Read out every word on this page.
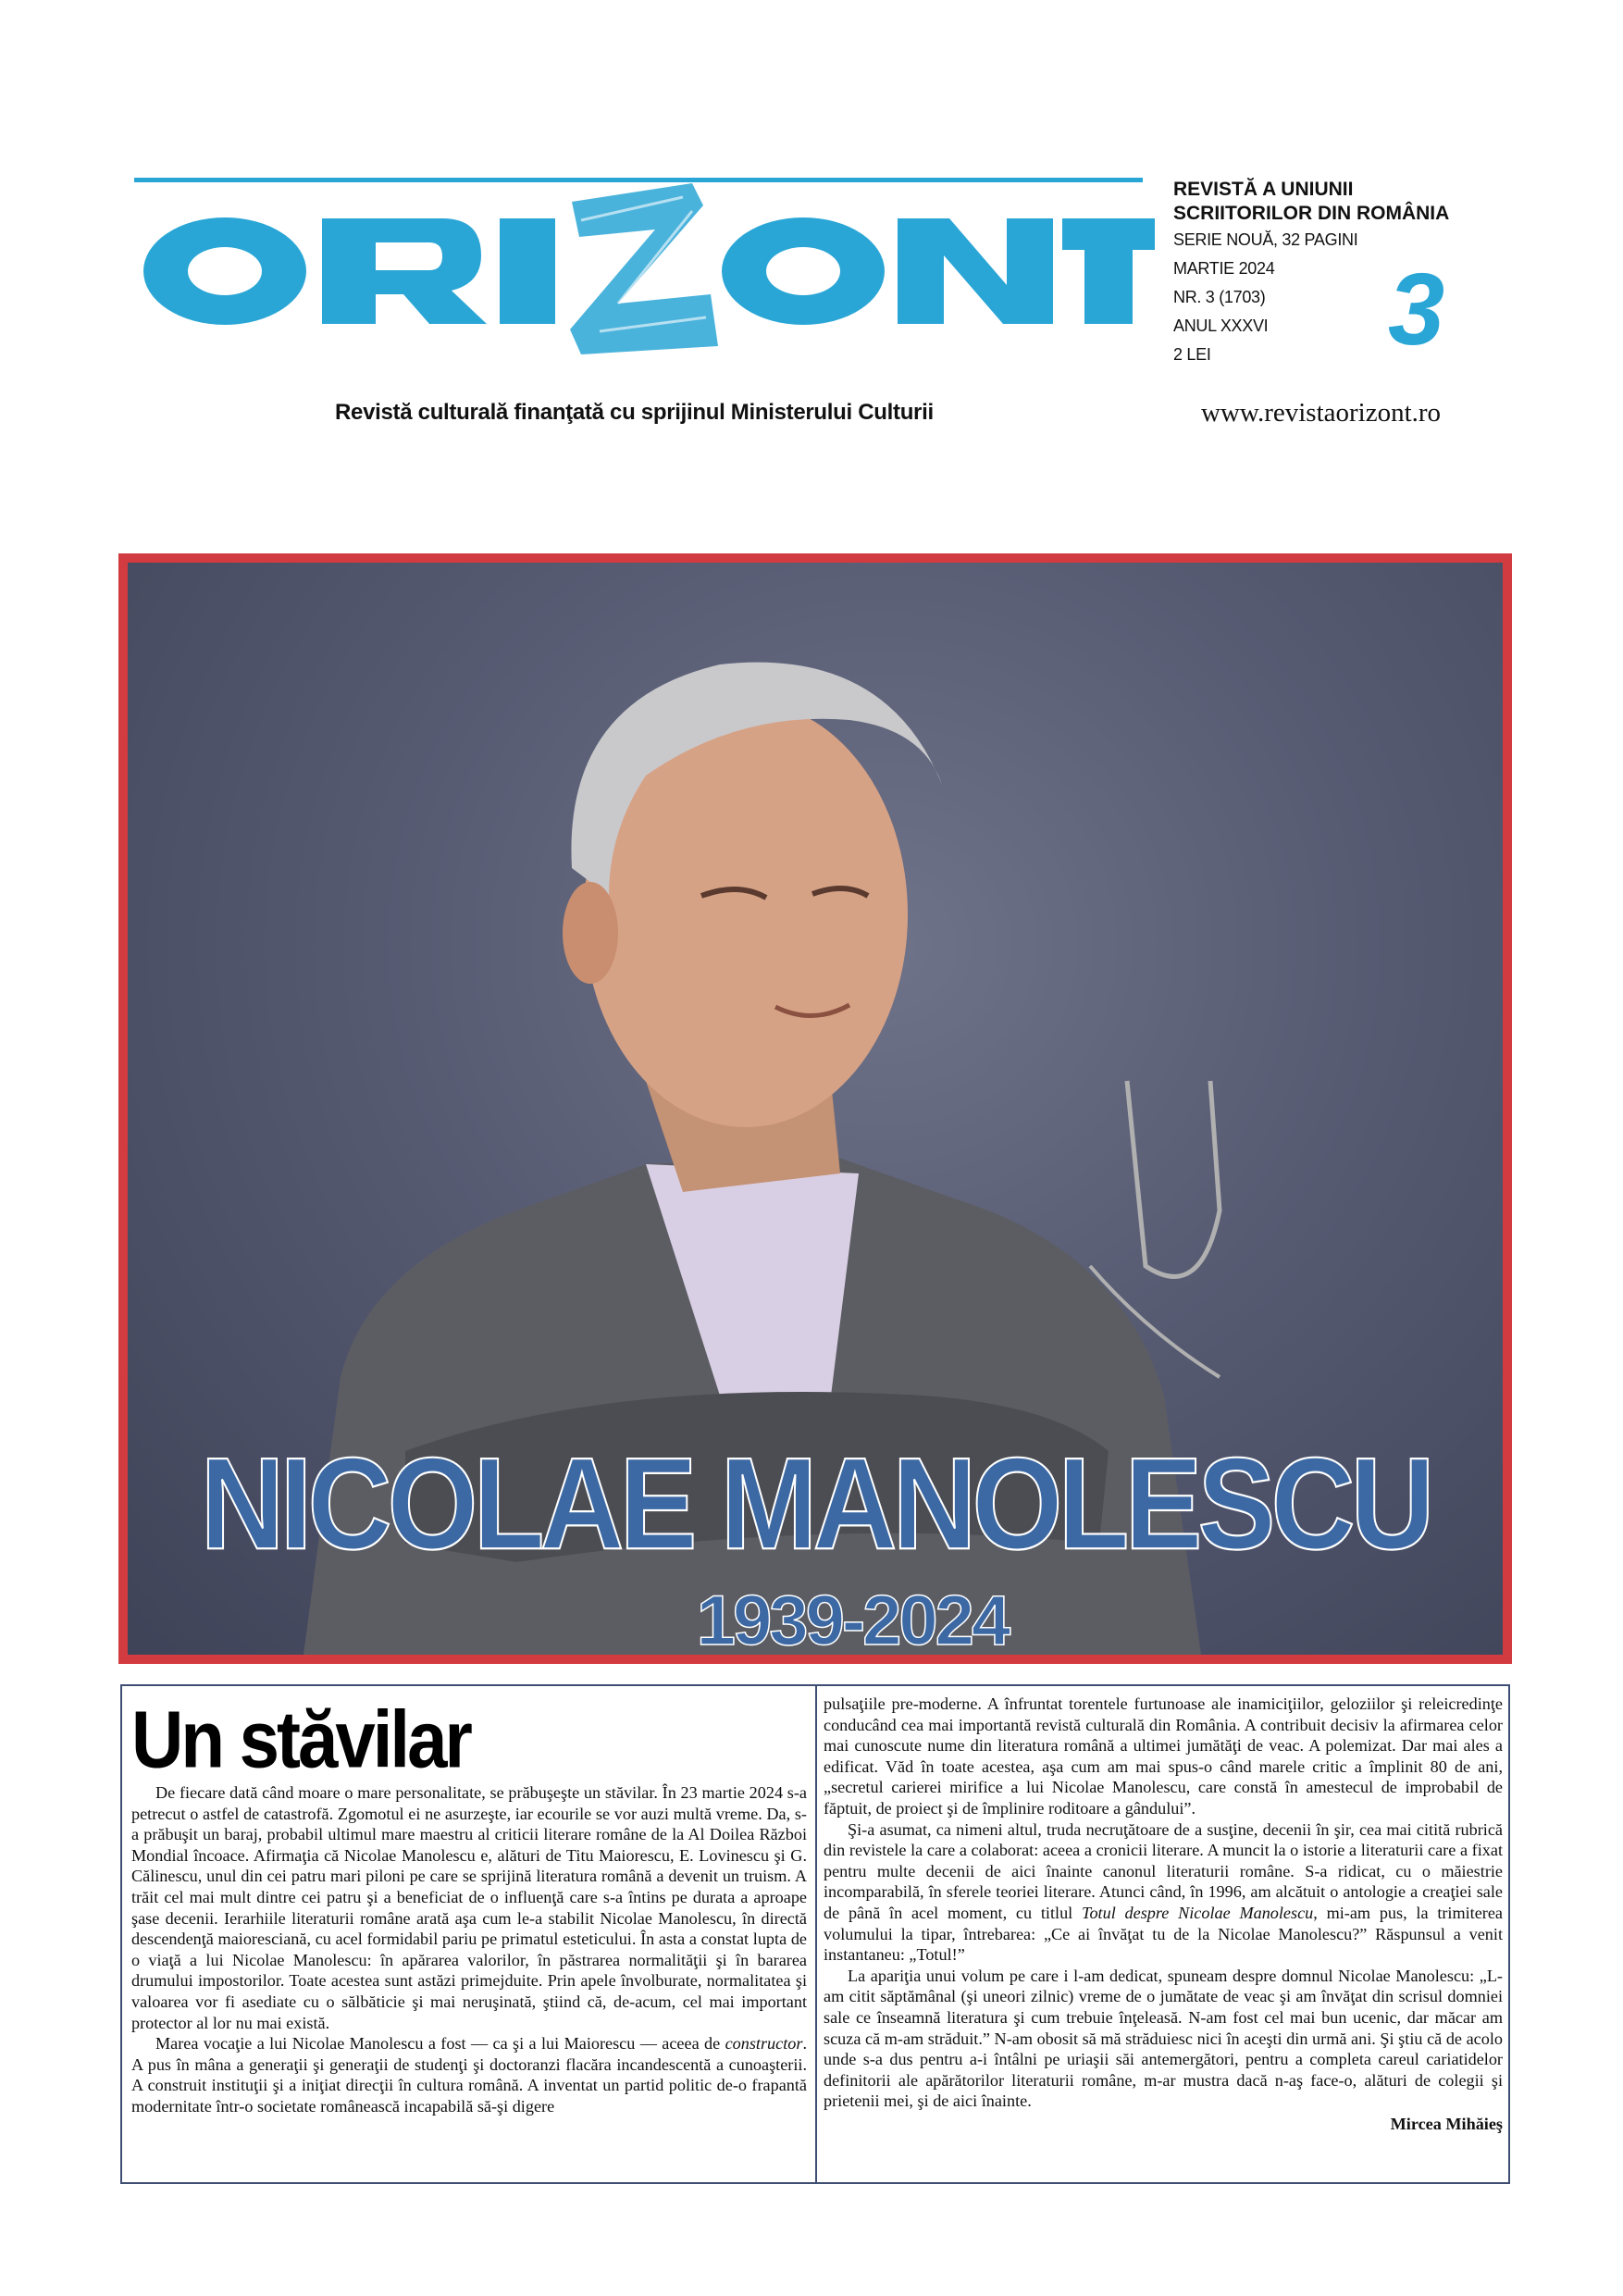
Revistă culturală finanţată cu sprijinul Ministerului Culturii
REVISTĂ A UNIUNII SCRIITORILOR DIN ROMÂNIA
SERIE NOUĂ, 32 PAGINI
MARTIE 2024
NR. 3 (1703)
ANUL XXXVI
2 LEI	3
www.revistaorizont.ro
NICOLAE MANOLESCU
1939-2024
Un stăvilar

De fiecare dată când moare o mare personalitate, se prăbuşeşte un stăvilar. În 23 martie 2024 s-a petrecut o astfel de catastrofă. Zgomotul ei ne asurzeşte, iar ecourile se vor auzi multă vreme. Da, s-a prăbuşit un baraj, probabil ultimul mare maestru al criticii literare române de la Al Doilea Război Mondial încoace. Afirmaţia că Nicolae Manolescu e, alături de Titu Maiorescu, E. Lovinescu şi G. Călinescu, unul din cei patru mari piloni pe care se sprijină literatura română a devenit un truism. A trăit cel mai mult dintre cei patru şi a beneficiat de o influenţă care s-a întins pe durata a aproape şase decenii. Ierarhiile literaturii române arată aşa cum le-a stabilit Nicolae Manolescu, în directă descendenţă maioresciană, cu acel formidabil pariu pe primatul esteticului. În asta a constat lupta de o viaţă a lui Nicolae Manolescu: în apărarea valorilor, în păstrarea normalităţii şi în bararea drumului impostorilor. Toate acestea sunt astăzi primejduite. Prin apele învolburate, normalitatea şi valoarea vor fi asediate cu o sălbăticie şi mai neruşinată, ştiind că, de-acum, cel mai important protector al lor nu mai există.

Marea vocaţie a lui Nicolae Manolescu a fost — ca şi a lui Maiorescu — aceea de constructor. A pus în mâna a generaţii şi generaţii de studenţi şi doctoranzi flacăra incandescentă a cunoaşterii. A construit instituţii şi a iniţiat direcţii în cultura română. A inventat un partid politic de-o frapantă modernitate într-o societate românească incapabilă să-şi digere

pulsaţiile pre-moderne. A înfruntat torentele furtunoase ale inamiciţiilor, geloziilor şi releicredinţe conducând cea mai importantă revistă culturală din România. A contribuit decisiv la afirmarea celor mai cunoscute nume din literatura română a ultimei jumătăţi de veac. A polemizat. Dar mai ales a edificat. Văd în toate acestea, aşa cum am mai spus-o când marele critic a împlinit 80 de ani, „secretul carierei mirifice a lui Nicolae Manolescu, care constă în amestecul de improbabil de făptuit, de proiect şi de împlinire roditoare a gândului”.

Şi-a asumat, ca nimeni altul, truda necruţătoare de a susţine, decenii în şir, cea mai citită rubrică din revistele la care a colaborat: aceea a cronicii literare. A muncit la o istorie a literaturii care a fixat pentru multe decenii de aici înainte canonul literaturii române. S-a ridicat, cu o măiestrie incomparabilă, în sferele teoriei literare. Atunci când, în 1996, am alcătuit o antologie a creaţiei sale de până în acel moment, cu titlul Totul despre Nicolae Manolescu, mi-am pus, la trimiterea volumului la tipar, întrebarea: „Ce ai învăţat tu de la Nicolae Manolescu?” Răspunsul a venit instantaneu: „Totul!”

La apariţia unui volum pe care i l-am dedicat, spuneam despre domnul Nicolae Manolescu: „L-am citit săptămânal (şi uneori zilnic) vreme de o jumătate de veac şi am învăţat din scrisul domniei sale ce înseamnă literatura şi cum trebuie înţeleasă. N-am fost cel mai bun ucenic, dar măcar am scuza că m-am străduit.” N-am obosit să mă străduiesc nici în aceşti din urmă ani. Şi ştiu că de acolo unde s-a dus pentru a-i întâlni pe uriaşii săi antemergători, pentru a completa careul cariatidelor definitorii ale apărătorilor literaturii române, m-ar mustra dacă n-aş face-o, alături de colegii şi prietenii mei, şi de aici înainte.

Mircea Mihăieş
